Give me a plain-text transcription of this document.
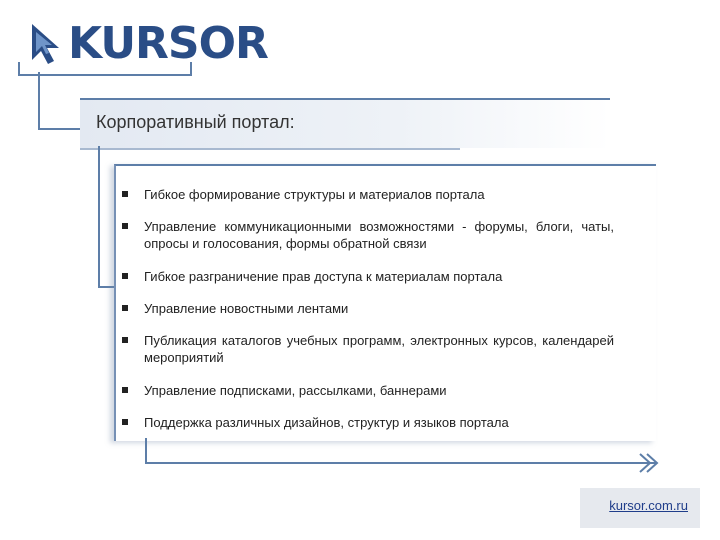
KURSOR
Корпоративный портал:
Гибкое формирование структуры и материалов портала
Управление коммуникационными возможностями - форумы, блоги, чаты, опросы и голосования, формы обратной связи
Гибкое разграничение прав доступа к материалам портала
Управление новостными лентами
Публикация каталогов учебных программ, электронных курсов, календарей мероприятий
Управление подписками, рассылками, баннерами
Поддержка различных дизайнов, структур и языков портала
kursor.com.ru
